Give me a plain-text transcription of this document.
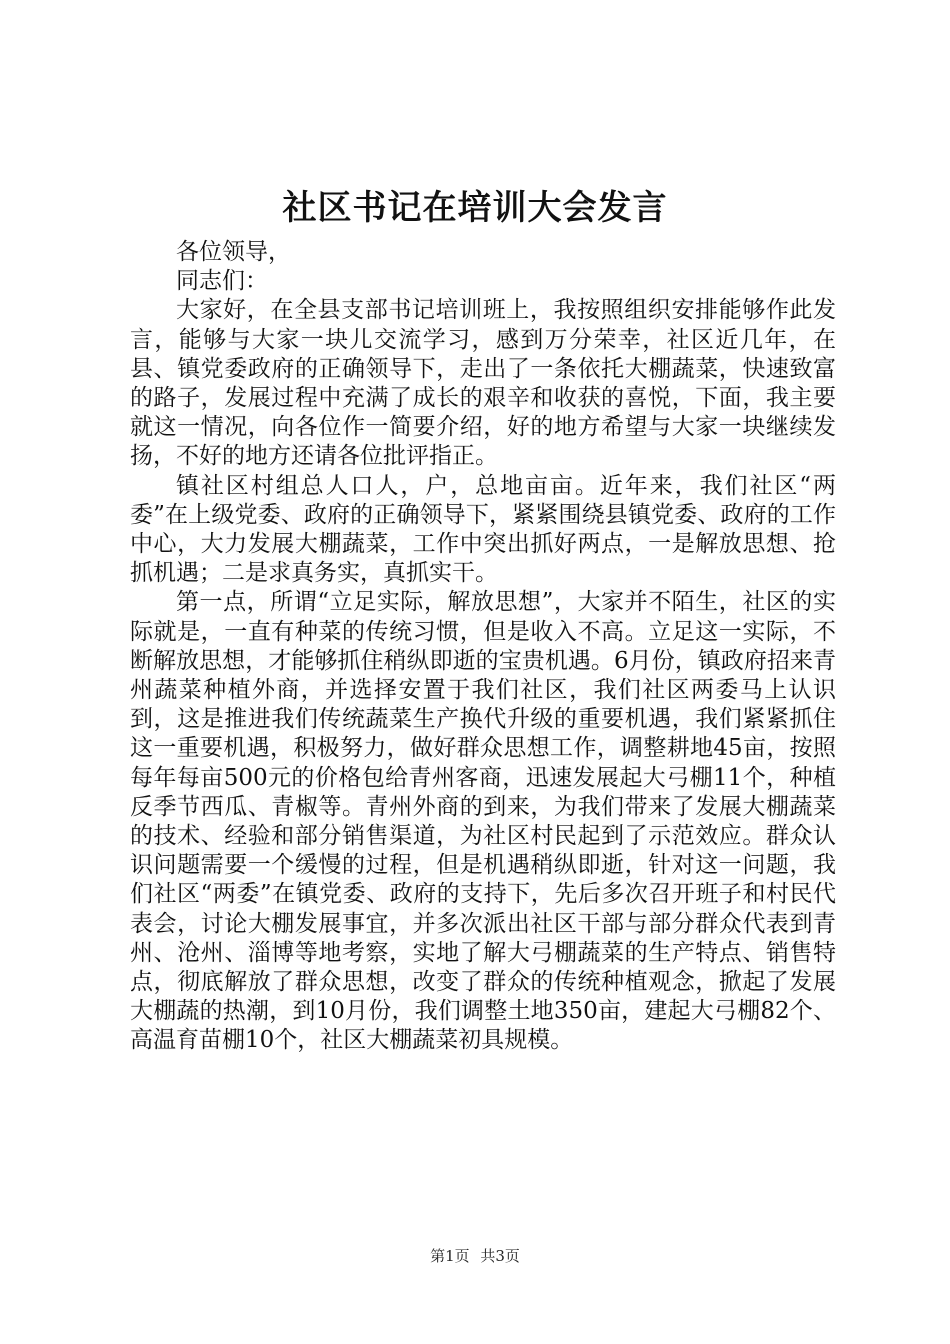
社区书记在培训大会发言

各位领导，

同志们：

大家好，在全县支部书记培训班上，我按照组织安排能够作此发言，能够与大家一块儿交流学习，感到万分荣幸，社区近几年，在县、镇党委政府的正确领导下，走出了一条依托大棚蔬菜，快速致富的路子，发展过程中充满了成长的艰辛和收获的喜悦，下面，我主要就这一情况，向各位作一简要介绍，好的地方希望与大家一块继续发扬，不好的地方还请各位批评指正。

镇社区村组总人口人，户，总地亩亩。近年来，我们社区“两委”在上级党委、政府的正确领导下，紧紧围绕县镇党委、政府的工作中心，大力发展大棚蔬菜，工作中突出抓好两点，一是解放思想、抢抓机遇；二是求真务实，真抓实干。

第一点，所谓“立足实际，解放思想”，大家并不陌生，社区的实际就是，一直有种菜的传统习惯，但是收入不高。立足这一实际，不断解放思想，才能够抓住稍纵即逝的宝贵机遇。6月份，镇政府招来青州蔬菜种植外商，并选择安置于我们社区，我们社区两委马上认识到，这是推进我们传统蔬菜生产换代升级的重要机遇，我们紧紧抓住这一重要机遇，积极努力，做好群众思想工作，调整耕地45亩，按照每年每亩500元的价格包给青州客商，迅速发展起大弓棚11个，种植反季节西瓜、青椒等。青州外商的到来，为我们带来了发展大棚蔬菜的技术、经验和部分销售渠道，为社区村民起到了示范效应。群众认识问题需要一个缓慢的过程，但是机遇稍纵即逝，针对这一问题，我们社区“两委”在镇党委、政府的支持下，先后多次召开班子和村民代表会，讨论大棚发展事宜，并多次派出社区干部与部分群众代表到青州、沧州、淄博等地考察，实地了解大弓棚蔬菜的生产特点、销售特点，彻底解放了群众思想，改变了群众的传统种植观念，掀起了发展大棚蔬的热潮，到10月份，我们调整土地350亩，建起大弓棚82个、高温育苗棚10个，社区大棚蔬菜初具规模。

第1页 共3页
